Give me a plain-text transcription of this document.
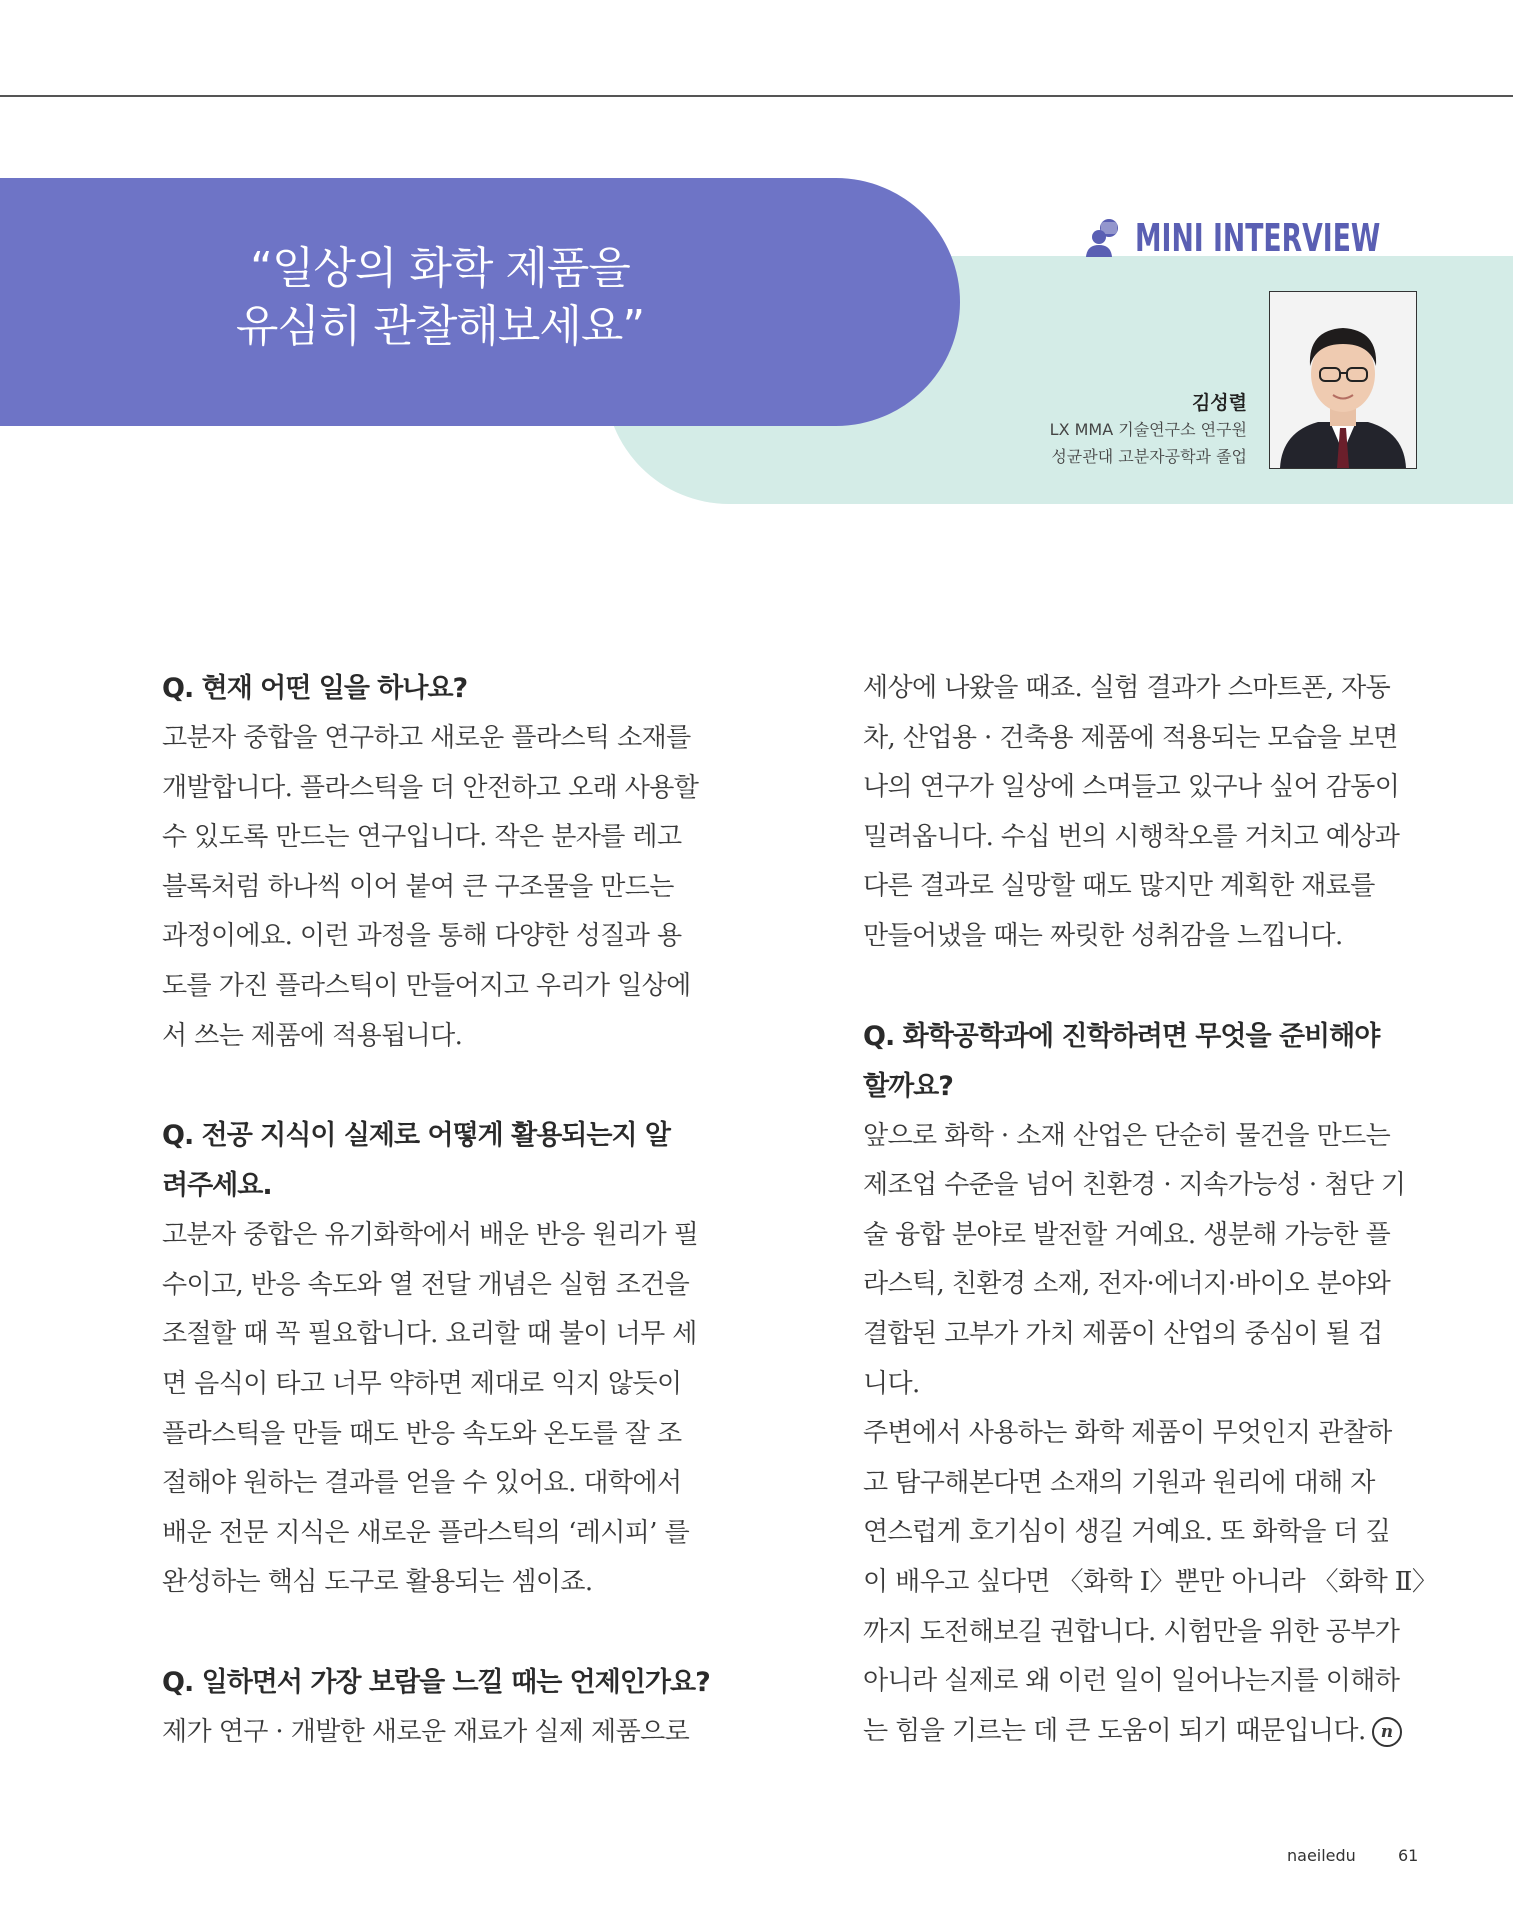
“일상의 화학 제품을
유심히 관찰해보세요”
MINI INTERVIEW
김성렬
LX MMA 기술연구소 연구원
성균관대 고분자공학과 졸업
Q. 현재 어떤 일을 하나요?
고분자 중합을 연구하고 새로운 플라스틱 소재를
개발합니다. 플라스틱을 더 안전하고 오래 사용할
수 있도록 만드는 연구입니다. 작은 분자를 레고
블록처럼 하나씩 이어 붙여 큰 구조물을 만드는
과정이에요. 이런 과정을 통해 다양한 성질과 용
도를 가진 플라스틱이 만들어지고 우리가 일상에
서 쓰는 제품에 적용됩니다.
Q. 전공 지식이 실제로 어떻게 활용되는지 알
려주세요.
고분자 중합은 유기화학에서 배운 반응 원리가 필
수이고, 반응 속도와 열 전달 개념은 실험 조건을
조절할 때 꼭 필요합니다. 요리할 때 불이 너무 세
면 음식이 타고 너무 약하면 제대로 익지 않듯이
플라스틱을 만들 때도 반응 속도와 온도를 잘 조
절해야 원하는 결과를 얻을 수 있어요. 대학에서
배운 전문 지식은 새로운 플라스틱의 ‘레시피’ 를
완성하는 핵심 도구로 활용되는 셈이죠.
Q. 일하면서 가장 보람을 느낄 때는 언제인가요?
제가 연구 · 개발한 새로운 재료가 실제 제품으로
세상에 나왔을 때죠. 실험 결과가 스마트폰, 자동
차, 산업용 · 건축용 제품에 적용되는 모습을 보면
나의 연구가 일상에 스며들고 있구나 싶어 감동이
밀려옵니다. 수십 번의 시행착오를 거치고 예상과
다른 결과로 실망할 때도 많지만 계획한 재료를
만들어냈을 때는 짜릿한 성취감을 느낍니다.
Q. 화학공학과에 진학하려면 무엇을 준비해야
할까요?
앞으로 화학 · 소재 산업은 단순히 물건을 만드는
제조업 수준을 넘어 친환경 · 지속가능성 · 첨단 기
술 융합 분야로 발전할 거예요. 생분해 가능한 플
라스틱, 친환경 소재, 전자·에너지·바이오 분야와
결합된 고부가 가치 제품이 산업의 중심이 될 겁
니다.
주변에서 사용하는 화학 제품이 무엇인지 관찰하
고 탐구해본다면 소재의 기원과 원리에 대해 자
연스럽게 호기심이 생길 거예요. 또 화학을 더 깊
이 배우고 싶다면 〈화학 Ⅰ〉뿐만 아니라 〈화학 Ⅱ〉
까지 도전해보길 권합니다. 시험만을 위한 공부가
아니라 실제로 왜 이런 일이 일어나는지를 이해하
는 힘을 기르는 데 큰 도움이 되기 때문입니다. n
naeiledu	61
